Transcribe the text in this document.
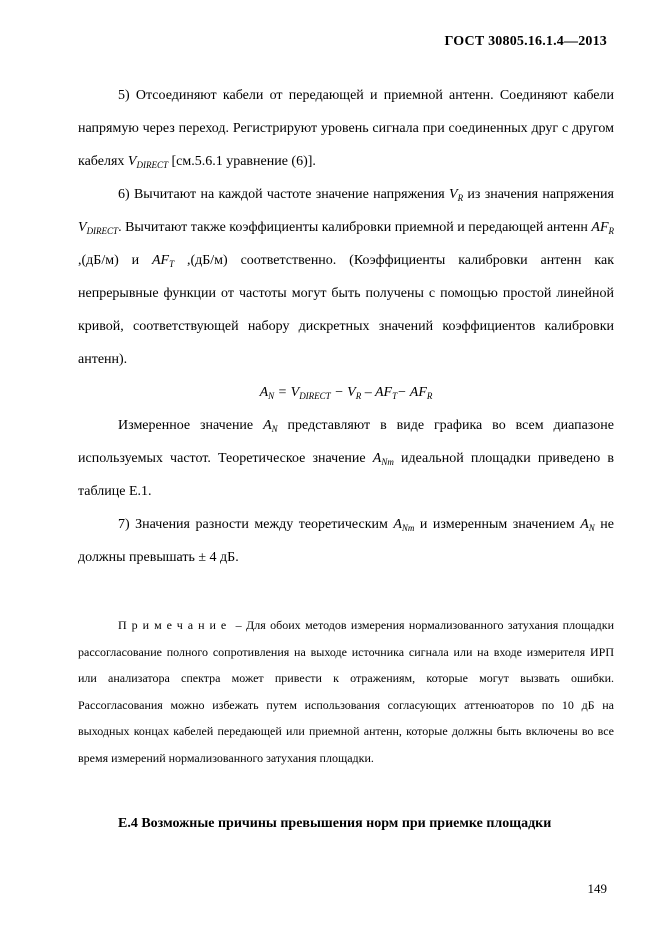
ГОСТ 30805.16.1.4—2013

5) Отсоединяют кабели от передающей и приемной антенн. Соединяют кабели напрямую через переход. Регистрируют уровень сигнала при соединенных друг с другом кабелях $V_{DIRECT}$ [см.5.6.1 уравнение (6)].

6) Вычитают на каждой частоте значение напряжения $V_R$ из значения напряжения $V_{DIRECT}$. Вычитают также коэффициенты калибровки приемной и передающей антенн $AF_R$ ,(дБ/м) и $AF_T$ ,(дБ/м) соответственно. (Коэффициенты калибровки антенн как непрерывные функции от частоты могут быть получены с помощью простой линейной кривой, соответствующей набору дискретных значений коэффициентов калибровки антенн).

$A_N = V_{DIRECT} - V_R - AF_T- AF_R$

Измеренное значение $A_N$ представляют в виде графика во всем диапазоне используемых частот. Теоретическое значение $A_{Nm}$ идеальной площадки приведено в таблице Е.1.

7) Значения разности между теоретическим $A_{Nm}$ и измеренным значением $A_N$ не должны превышать ± 4 дБ.

Примечание – Для обоих методов измерения нормализованного затухания площадки рассогласование полного сопротивления на выходе источника сигнала или на входе измерителя ИРП или анализатора спектра может привести к отражениям, которые могут вызвать ошибки. Рассогласования можно избежать путем использования согласующих аттенюаторов по 10 дБ на выходных концах кабелей передающей или приемной антенн, которые должны быть включены во все время измерений нормализованного затухания площадки.

Е.4 Возможные причины превышения норм при приемке площадки

149
